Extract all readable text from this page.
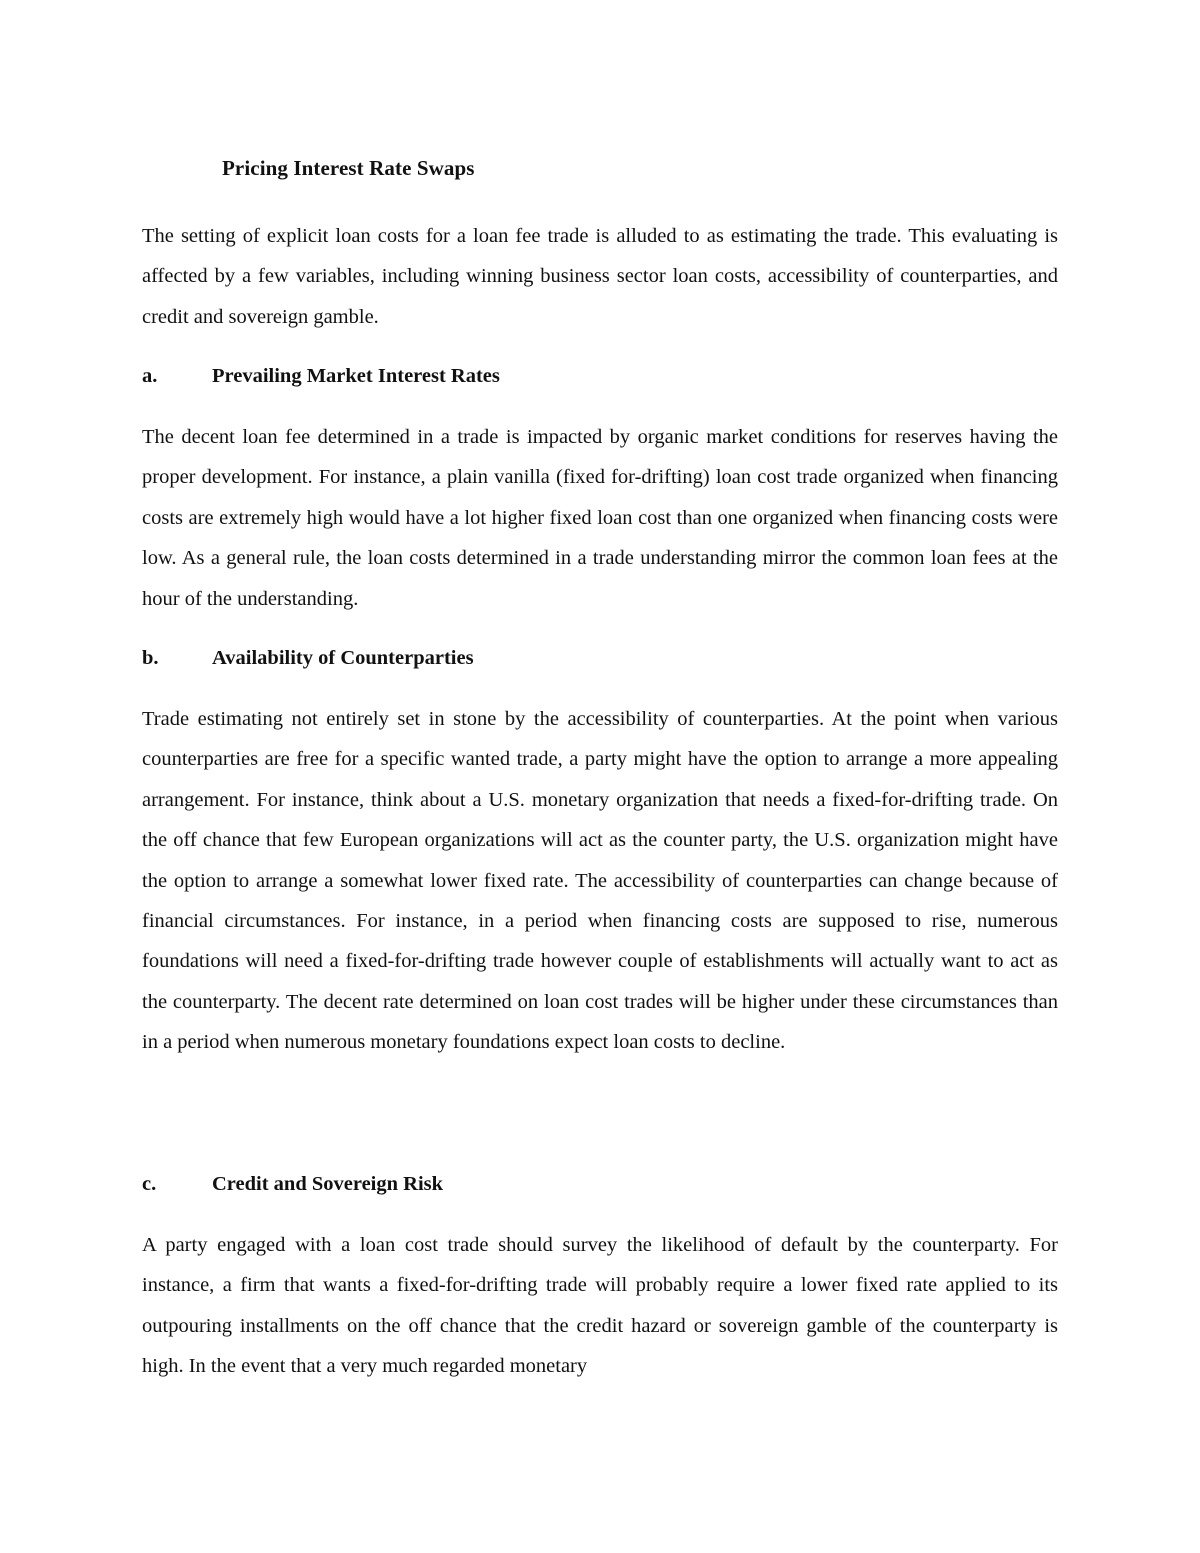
Pricing Interest Rate Swaps

The setting of explicit loan costs for a loan fee trade is alluded to as estimating the trade. This evaluating is affected by a few variables, including winning business sector loan costs, accessibility of counterparties, and credit and sovereign gamble.

a.	Prevailing Market Interest Rates

The decent loan fee determined in a trade is impacted by organic market conditions for reserves having the proper development. For instance, a plain vanilla (fixed for-drifting) loan cost trade organized when financing costs are extremely high would have a lot higher fixed loan cost than one organized when financing costs were low. As a general rule, the loan costs determined in a trade understanding mirror the common loan fees at the hour of the understanding.

b.	Availability of Counterparties

Trade estimating not entirely set in stone by the accessibility of counterparties. At the point when various counterparties are free for a specific wanted trade, a party might have the option to arrange a more appealing arrangement. For instance, think about a U.S. monetary organization that needs a fixed-for-drifting trade. On the off chance that few European organizations will act as the counter party, the U.S. organization might have the option to arrange a somewhat lower fixed rate. The accessibility of counterparties can change because of financial circumstances. For instance, in a period when financing costs are supposed to rise, numerous foundations will need a fixed-for-drifting trade however couple of establishments will actually want to act as the counterparty. The decent rate determined on loan cost trades will be higher under these circumstances than in a period when numerous monetary foundations expect loan costs to decline.

c.	Credit and Sovereign Risk

A party engaged with a loan cost trade should survey the likelihood of default by the counterparty. For instance, a firm that wants a fixed-for-drifting trade will probably require a lower fixed rate applied to its outpouring installments on the off chance that the credit hazard or sovereign gamble of the counterparty is high. In the event that a very much regarded monetary
